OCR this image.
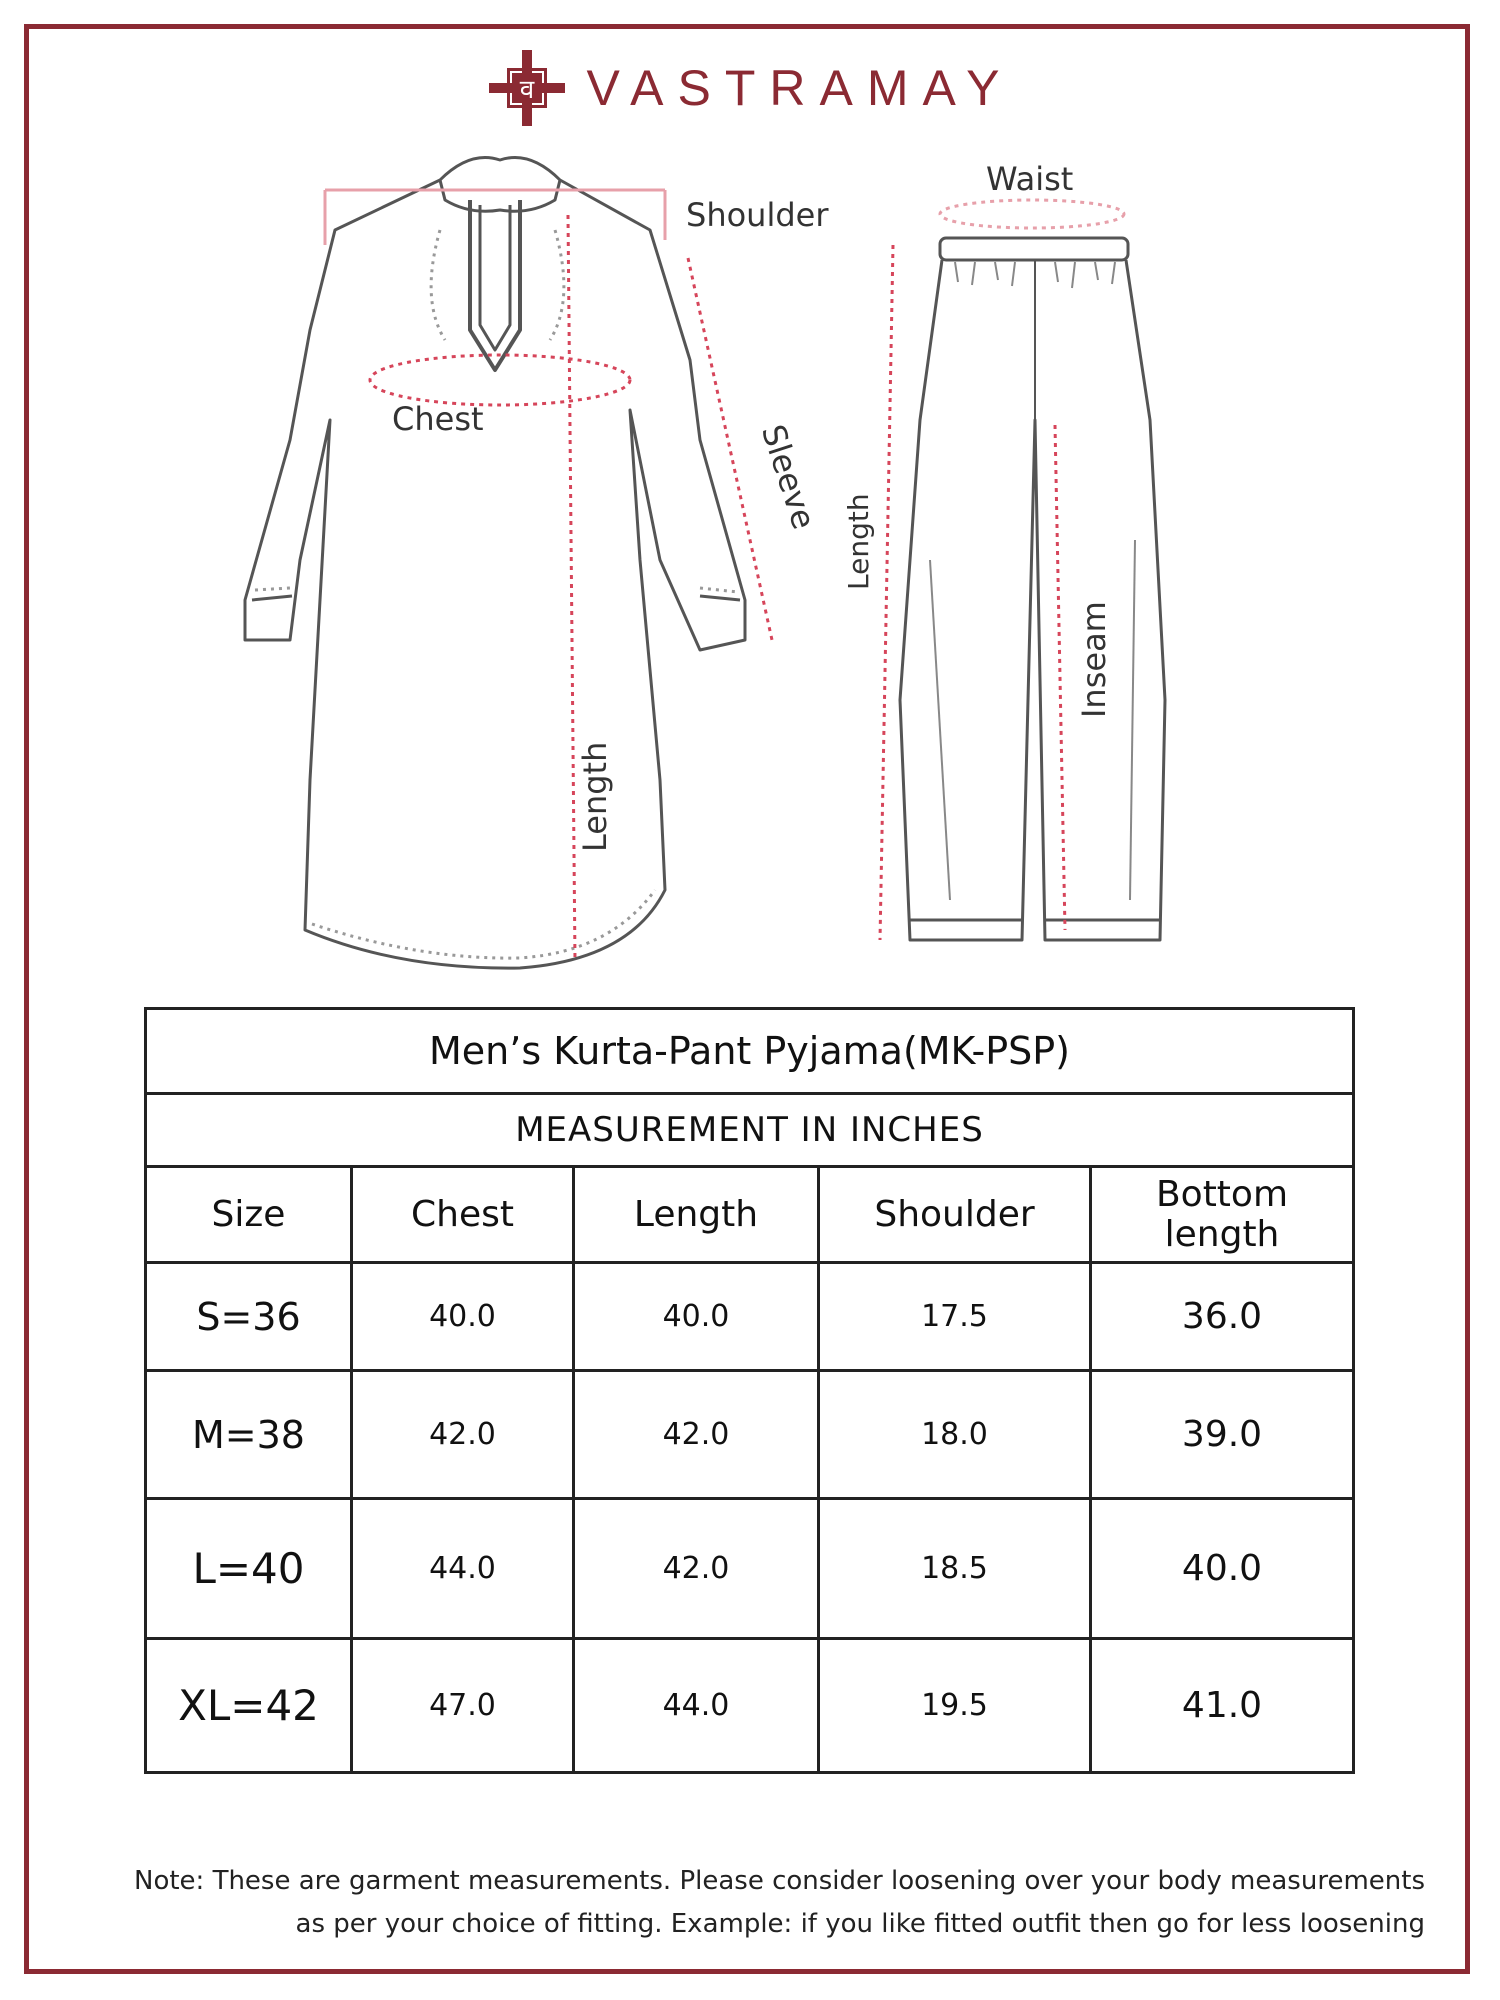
व VASTRAMAY
Shoulder
Chest
Sleeve
Length
Waist
Length
Inseam
Men’s Kurta-Pant Pyjama(MK-PSP)				
MEASUREMENT IN INCHES				
Size	Chest	Length	Shoulder	Bottom length
S=36	40.0	40.0	17.5	36.0
M=38	42.0	42.0	18.0	39.0
L=40	44.0	42.0	18.5	40.0
XL=42	47.0	44.0	19.5	41.0
Note: These are garment measurements. Please consider loosening over your body measurements
as per your choice of fitting. Example: if you like fitted outfit then go for less loosening
